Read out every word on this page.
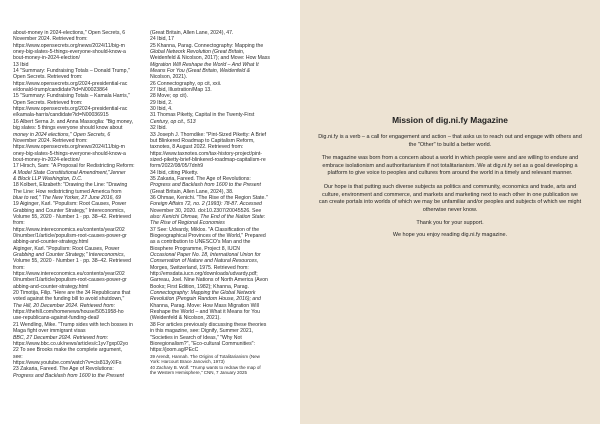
about-money in 2024-elections," Open Secrets, 6
November 2024. Retrieved from:
https://www.opensecrets.org/news/2024/11/big-m
oney-big-slates-5-things-everyone-should-know-a
bout-money-in-2024-election/
13 Ibid
14 "Summary: Fundraising Totals – Donald Trump,"
Open Secrets. Retrieved from:
https://www.opensecrets.org/2024-presidential-rac
e/donald-trump/candidate?id=N00023864
15 "Summary: Fundraising Totals – Kamala Harris,"
Open Secrets. Retrieved from:
https://www.opensecrets.org/2024-presidential-rac
e/kamala-harris/candidate?id=N00036915
16 Albert Serna Jr. and Anna Massoglia: "Big money,
big slates: 5 things everyone should know about
money in 2024 elections," Open Secrets, 6
November 2024. Retrieved from:
https://www.opensecrets.org/news/2024/11/big-m
oney-big-slates-5-things-everyone-should-know-a
bout-money-in-2024-election/
17 Hirsch, Sam: "A Proposal for Redistricting Reform:
A Model State Constitutional Amendment,"Jenner
& Block LLP Washington, D.C.
18 Kolbert, Elizabeth: "Drawing the Line: "Drawing
The Line: How redistricting turned America from
blue to red," The New Yorker, 27 June 2016, 69
19 Aiginger, Karl. "Populism: Root Causes, Power
Grabbing and Counter Strategy," Intereconomics,
Volume 55, 2020 · Number 1 · pp. 38–42. Retrieved
from:
https://www.intereconomics.eu/contents/year/202
0/number/1/article/populism-root-causes-power-gr
abbing-and-counter-strategy.html
Aiginger, Karl. "Populism: Root Causes, Power
Grabbing and Counter Strategy," Intereconomics,
Volume 55, 2020 · Number 1 · pp. 38–42. Retrieved
from:
https://www.intereconomics.eu/contents/year/202
0/number/1/article/populism-root-causes-power-gr
abbing-and-counter-strategy.html
20 Timotija, Filip. "Here are the 34 Republicans that
voted against the funding bill to avoid shutdown,"
The Hill, 20 December 2024. Retrieved from:
https://thehill.com/homenews/house/5051958-ho
use-republicans-against-funding-deal/
21 Wendling, Mike. "Trump sides with tech bosses in
Maga fight over immigrant visas
BBC, 27 December 2024. Retrieved from:
https://www.bbc.co.uk/news/articles/c1yv7gxp02yo
22 To see Brooks make the complete argument,
see:
https://www.youtube.com/watch?v=cis813yXIFs
23 Zakaria, Fareed. The Age of Revolutions:
Progress and Backlash from 1600 to the Present
(Great Britain, Allen Lane, 2024), 47.
24 Ibid, 17
25 Khanna, Parag. Connectography: Mapping the
Global Network Revolution (Great Britain,
Weidenfeld & Nicolson, 2017); and Move: How Mass
Migration Will Reshape the World – And What It
Means For You (Great Britain, Weidenfeld &
Nicolson, 2021).
26 Connectography, op cit, xxii.
27 Ibid, Illustration/Map 13.
28 Move; op cit).
29 Ibid, 2.
30 Ibid, 4.
31 Thomas Piketty, Capital in the Twenty-First
Century, op cit., 513
32 Ibid.
33 Joseph J. Thorndike: "Pint-Sized Piketty: A Brief
but Blinkered Roadmap to Capitalism Reform,
taxnotes, 8 August 2022. Retrieved from:
https://www.taxnotes.com/tax-history-project/pint-
sized-piketty-brief-blinkered-roadmap-capitalism-re
form/2022/08/05/7dnh9
34 Ibid, citing Piketty.
35 Zakaria, Fareed. The Age of Revolutions:
Progress and Backlash from 1600 to the Present
(Great Britain, Allen Lane, 2024), 38.
36 Ohmae, Kenichi. "The Rise of the Region State."
Foreign Affairs 72, no. 2 (1993): 78-87. Accessed
November 30, 2020. doi:10.2307/20045526. See
also: Kenichi Ohmae, The End of the Nation State:
The Rise of Regional Economies
37 See: Udvardy, Miklos. "A Classification of the
Biogeographical Provinces of the World," Prepared
as a contribution to UNESCO's Man and the
Biosphere Programme, Project 8, IUCN
Occasional Paper No. 18, International Union for
Conservation of Nature and Natural Resources,
Morges, Switzerland, 1975. Retrieved from:
http://emsdata.iucn.org/downloads/udvardy.pdf;
Garreau, Joel. Nine Nations of North America (Avon
Books; First Edition, 1982); Khanna, Parag.
Connectography: Mapping the Global Network
Revolution (Penguin Random House, 2016); and
Khanna, Parag. Move: How Mass Migration Will
Reshape the World – and What it Means for You
(Weidenfeld & Nicolson, 2021).
38 For articles previously discussing these theories
in this magazine, see: Dignify, Summer 2021,
"Societies in Search of Ideas," "Why Not
Bioregionalism?", "Eco-cultural Communities":
https://joom.ag/PEcC
39 Arendt, Hannah. The Origins of Totalitarianism (New
York: Harcourt Brace Janovich, 1973)
40 Zachary B. Wolf. "Trump wants to redraw the map of
the Western Hemisphere," CNN, 7 January 2025
Mission of dig.ni.fy Magazine

Dig.ni.fy is a verb – a call for engagement and action – that asks us to reach out and engage with others and the "Other" to build a better world.

The magazine was born from a concern about a world in which people were and are willing to endure and embrace isolationism and authoritarianism if not totalitarianism. We at dig.ni.fy set as a goal developing a platform to give voice to peoples and cultures from around the world in a timely and relevant manner.

Our hope is that putting such diverse subjects as politics and community, economics and trade, arts and culture, environment and commerce, and markets and marketing next to each other in one publication we can create portals into worlds of which we may be unfamiliar and/or peoples and subjects of which we might otherwise never know.

Thank you for your support.

We hope you enjoy reading dig.ni.fy magazine.
